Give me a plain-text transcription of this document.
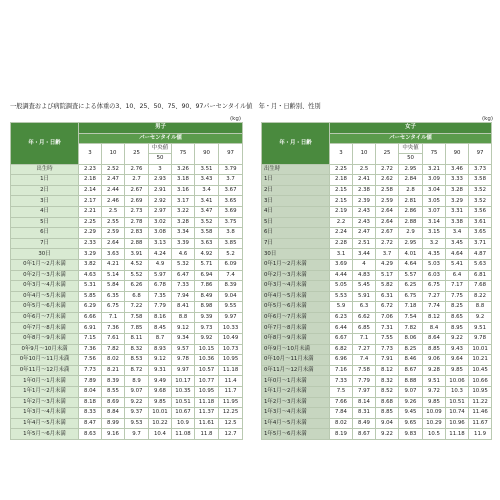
一般調査および病院調査による体重の3、10、25、50、75、90、97パーセンタイル値　年・月・日齢別、性別
(kg)	(kg)
年・月・日齢	男子						
	パーセンタイル値						
	3	10	25	中央値
50	75	90	97

出生時	2.23	2.52	2.76	3	3.26	3.51	3.79
1日	2.18	2.47	2.7	2.93	3.18	3.43	3.7
2日	2.14	2.44	2.67	2.91	3.16	3.4	3.67
3日	2.17	2.46	2.69	2.92	3.17	3.41	3.65
4日	2.21	2.5	2.73	2.97	3.22	3.47	3.69
5日	2.25	2.55	2.78	3.02	3.28	3.52	3.75
6日	2.29	2.59	2.83	3.08	3.34	3.58	3.8
7日	2.33	2.64	2.88	3.13	3.39	3.63	3.85
30日	3.29	3.63	3.91	4.24	4.6	4.92	5.2
0年1月～2月未満	3.82	4.21	4.52	4.9	5.32	5.71	6.09
0年2月～3月未満	4.63	5.14	5.52	5.97	6.47	6.94	7.4
0年3月～4月未満	5.31	5.84	6.26	6.78	7.33	7.86	8.39
0年4月～5月未満	5.85	6.35	6.8	7.35	7.94	8.49	9.04
0年5月～6月未満	6.29	6.75	7.22	7.79	8.41	8.98	9.55
0年6月～7月未満	6.66	7.1	7.58	8.16	8.8	9.39	9.97
0年7月～8月未満	6.91	7.36	7.85	8.45	9.12	9.73	10.33
0年8月～9月未満	7.15	7.61	8.11	8.7	9.34	9.92	10.49
0年9月～10月未満	7.36	7.82	8.32	8.93	9.57	10.15	10.73
0年10月～11月未満	7.56	8.02	8.53	9.12	9.78	10.36	10.95
0年11月～12月未満	7.73	8.21	8.72	9.31	9.97	10.57	11.18
1年0月～1月未満	7.89	8.39	8.9	9.49	10.17	10.77	11.4
1年1月～2月未満	8.04	8.55	9.07	9.68	10.35	10.95	11.7
1年2月～3月未満	8.18	8.69	9.22	9.85	10.51	11.18	11.95
1年3月～4月未満	8.33	8.84	9.37	10.01	10.67	11.37	12.25
1年4月～5月未満	8.47	8.99	9.53	10.22	10.9	11.61	12.5
1年5月～6月未満	8.63	9.16	9.7	10.4	11.08	11.8	12.7
年・月・日齢	女子						
	パーセンタイル値						
	3	10	25	中央値
50	75	90	97

出生時	2.25	2.5	2.72	2.95	3.21	3.46	3.73
1日	2.18	2.41	2.62	2.84	3.09	3.33	3.58
2日	2.15	2.38	2.58	2.8	3.04	3.28	3.52
3日	2.15	2.39	2.59	2.81	3.05	3.29	3.52
4日	2.19	2.43	2.64	2.86	3.07	3.31	3.56
5日	2.2	2.43	2.64	2.88	3.14	3.38	3.61
6日	2.24	2.47	2.67	2.9	3.15	3.4	3.65
7日	2.28	2.51	2.72	2.95	3.2	3.45	3.71
30日	3.1	3.44	3.7	4.01	4.35	4.64	4.87
0年1月～2月未満	3.69	4	4.29	4.64	5.03	5.41	5.63
0年2月～3月未満	4.44	4.83	5.17	5.57	6.03	6.4	6.81
0年3月～4月未満	5.05	5.45	5.82	6.25	6.75	7.17	7.68
0年4月～5月未満	5.53	5.91	6.31	6.75	7.27	7.75	8.22
0年5月～6月未満	5.9	6.3	6.72	7.18	7.74	8.25	8.8
0年6月～7月未満	6.23	6.62	7.06	7.54	8.12	8.65	9.2
0年7月～8月未満	6.44	6.85	7.31	7.82	8.4	8.95	9.51
0年8月～9月未満	6.67	7.1	7.55	8.06	8.64	9.22	9.78
0年9月～10月未満	6.82	7.27	7.73	8.25	8.85	9.43	10.01
0年10月～11月未満	6.96	7.4	7.91	8.46	9.06	9.64	10.21
0年11月～12月未満	7.16	7.58	8.12	8.67	9.28	9.85	10.45
1年0月～1月未満	7.33	7.79	8.32	8.88	9.51	10.06	10.66
1年1月～2月未満	7.5	7.97	8.52	9.07	9.72	10.3	10.95
1年2月～3月未満	7.66	8.14	8.68	9.26	9.85	10.51	11.22
1年3月～4月未満	7.84	8.31	8.85	9.45	10.09	10.74	11.46
1年4月～5月未満	8.02	8.49	9.04	9.65	10.29	10.96	11.67
1年5月～6月未満	8.19	8.67	9.22	9.83	10.5	11.18	11.9
